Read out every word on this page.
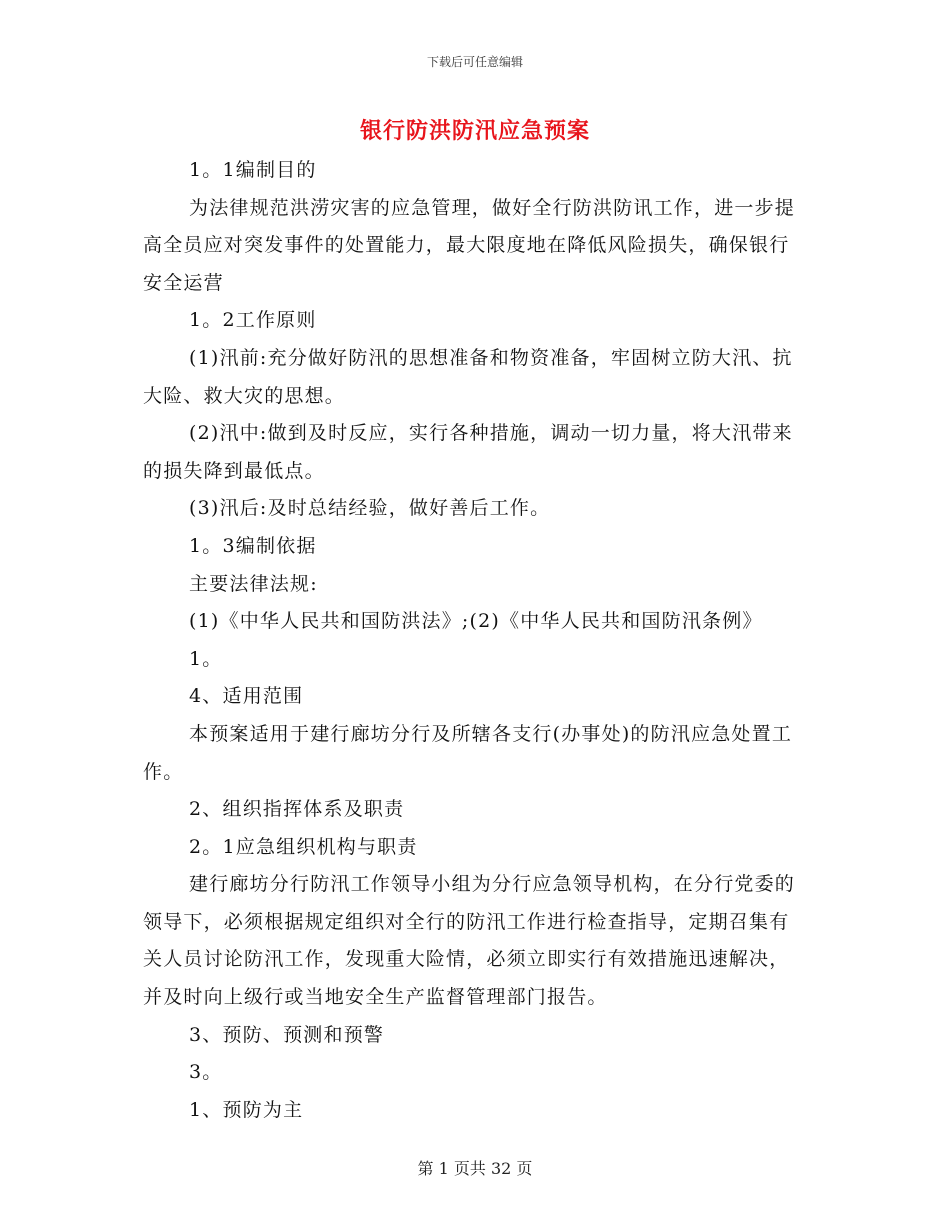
下载后可任意编辑
银行防洪防汛应急预案

1。1编制目的

为法律规范洪涝灾害的应急管理，做好全行防洪防讯工作，进一步提高全员应对突发事件的处置能力，最大限度地在降低风险损失，确保银行安全运营

1。2工作原则

(1)汛前:充分做好防汛的思想准备和物资准备，牢固树立防大汛、抗大险、救大灾的思想。

(2)汛中:做到及时反应，实行各种措施，调动一切力量，将大汛带来的损失降到最低点。

(3)汛后:及时总结经验，做好善后工作。

1。3编制依据

主要法律法规:

(1)《中华人民共和国防洪法》;(2)《中华人民共和国防汛条例》

1。

4、适用范围

本预案适用于建行廊坊分行及所辖各支行(办事处)的防汛应急处置工作。

2、组织指挥体系及职责

2。1应急组织机构与职责

建行廊坊分行防汛工作领导小组为分行应急领导机构，在分行党委的领导下，必须根据规定组织对全行的防汛工作进行检查指导，定期召集有关人员讨论防汛工作，发现重大险情，必须立即实行有效措施迅速解决，并及时向上级行或当地安全生产监督管理部门报告。

3、预防、预测和预警

3。

1、预防为主

第 1 页共 32 页
